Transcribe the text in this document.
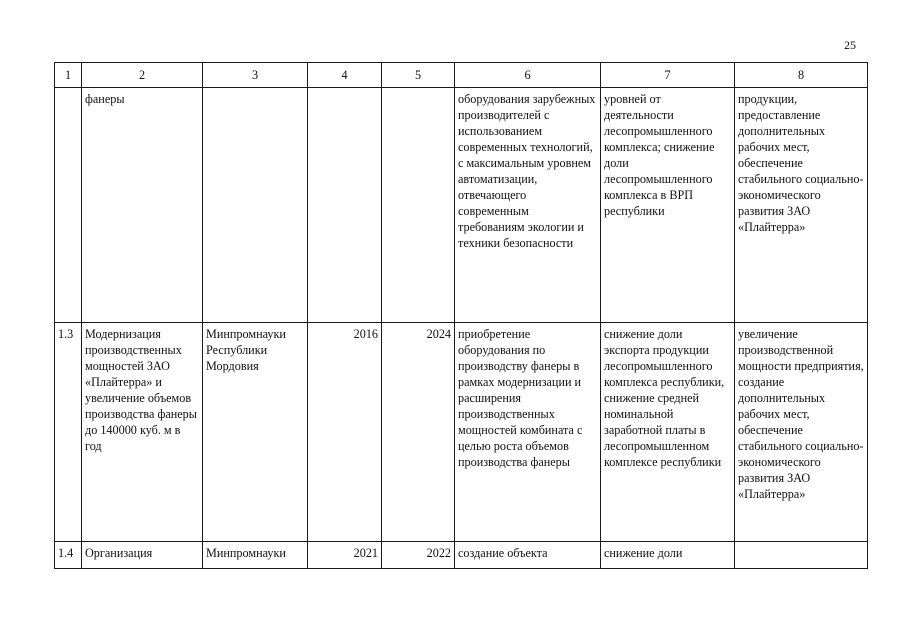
25
1	2	3	4	5	6	7	8
	фанеры				оборудования зарубежных производителей с использованием современных технологий, с максимальным уровнем автоматизации, отвечающего современным требованиям экологии и техники безопасности	уровней от деятельности лесопромышленного комплекса; снижение доли лесопромышленного комплекса в ВРП республики	продукции, предоставление дополнительных рабочих мест, обеспечение стабильного социально-экономического развития ЗАО «Плайтерра»
1.3	Модернизация производственных мощностей ЗАО «Плайтерра» и увеличение объемов производства фанеры до 140000 куб. м в год	Минпромнауки Республики Мордовия	2016	2024	приобретение оборудования по производству фанеры в рамках модернизации и расширения производственных мощностей комбината с целью роста объемов производства фанеры	снижение доли экспорта продукции лесопромышленного комплекса республики, снижение средней номинальной заработной платы в лесопромышленном комплексе республики	увеличение производственной мощности предприятия, создание дополнительных рабочих мест, обеспечение стабильного социально-экономического развития ЗАО «Плайтерра»
1.4	Организация	Минпромнауки	2021	2022	создание объекта	снижение доли	
